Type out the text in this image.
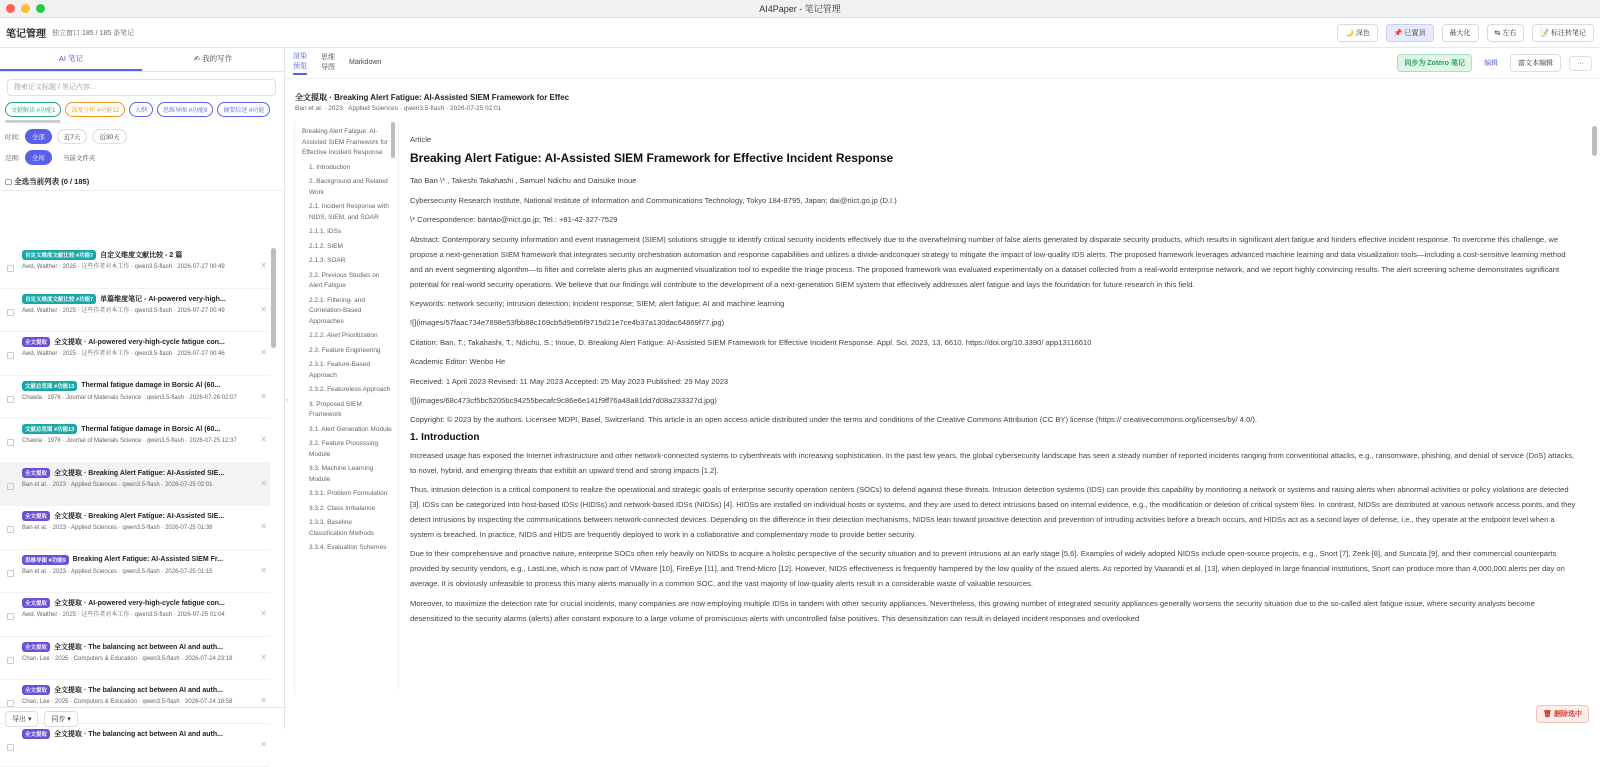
AI4Paper - 笔记管理
笔记管理 独立窗口 185 / 185 条笔记	🌙 深色	📌 已置顶	最大化	⇆ 左右	📝 标注转笔记
AI 笔记	✍ 我的写作
搜索论文标题 / 笔记内容...
文献解读 #功能1	深度分析 #功能12	大纲	思维导图 #功能9	摘要综述 #功能
时间:	全部	近7天	近30天
范围:	全库	当前文件夹
▢ 全选当前列表 (0 / 185)
自定义维度文献比较 #功能7	自定义维度文献比较 - 2 篇
Awd, Walther · 2025 · 这些作者对本工作 · qwen3.5-flash · 2026-07-27 00:49	✕
自定义维度文献比较 #功能7	单篇维度笔记 - AI-powered very-high...
Awd, Walther · 2025 · 这些作者对本工作 · qwen3.5-flash · 2026-07-27 00:49	✕
全文提取	全文提取 · AI-powered very-high-cycle fatigue con...
Awd, Walther · 2025 · 这些作者对本工作 · qwen3.5-flash · 2026-07-27 00:46	✕
文献总览图 #功能13	Thermal fatigue damage in Borsic Al (60...
Chawla · 1976 · Journal of Materials Science · qwen3.5-flash · 2026-07-26 02:07	✕
文献总览图 #功能13	Thermal fatigue damage in Borsic Al (60...
Chawla · 1976 · Journal of Materials Science · qwen3.5-flash · 2026-07-25 12:37	✕
全文提取	全文提取 · Breaking Alert Fatigue: AI-Assisted SIE...
Ban et al. · 2023 · Applied Sciences · qwen3.5-flash · 2026-07-25 02:01	✕
全文提取	全文提取 · Breaking Alert Fatigue: AI-Assisted SIE...
Ban et al. · 2023 · Applied Sciences · qwen3.5-flash · 2026-07-25 01:38	✕
思维导图 #功能9	Breaking Alert Fatigue: AI-Assisted SIEM Fr...
Ban et al. · 2023 · Applied Sciences · qwen3.5-flash · 2026-07-25 01:15	✕
全文提取	全文提取 · AI-powered very-high-cycle fatigue con...
Awd, Walther · 2025 · 这些作者对本工作 · qwen3.5-flash · 2026-07-25 01:04	✕
全文提取	全文提取 · The balancing act between AI and auth...
Chan, Lee · 2025 · Computers & Education · qwen3.5-flash · 2026-07-24 23:18	✕
全文提取	全文提取 · The balancing act between AI and auth...
Chan, Lee · 2025 · Computers & Education · qwen3.5-flash · 2026-07-24 18:58	✕
全文提取	全文提取 · The balancing act between AI and auth...
✕
导出 ▾	同步 ▾
渲染
预览
思维
导图
Markdown	同步为 Zotero 笔记	编辑	富文本编辑	···
全文提取 · Breaking Alert Fatigue: AI-Assisted SIEM Framework for Effec
Ban et al. · 2023 · Applied Sciences · qwen3.5-flash · 2026-07-25 02:01
‹
Breaking Alert Fatigue: AI-Assisted SIEM Framework for Effective Incident Response
1. Introduction
2. Background and Related Work
2.1. Incident Response with NIDS, SIEM, and SOAR
2.1.1. IDSs
2.1.2. SIEM
2.1.3. SOAR
2.2. Previous Studies on Alert Fatigue
2.2.1. Filtering- and Correlation-Based Approaches
2.2.2. Alert Prioritization
2.3. Feature Engineering
2.3.1. Feature-Based Approach
2.3.2. Featureless Approach
3. Proposed SIEM Framework
3.1. Alert Generation Module
3.2. Feature Processing Module
3.3. Machine Learning Module
3.3.1. Problem Formulation
3.3.2. Class Imbalance
3.3.3. Baseline Classification Methods
3.3.4. Evaluation Schemes

Article

Breaking Alert Fatigue: AI-Assisted SIEM Framework for Effective Incident Response

Tao Ban \* , Takeshi Takahashi , Samuel Ndichu and Daisuke Inoue

Cybersecurity Research Institute, National Institute of Information and Communications Technology, Tokyo 184-8795, Japan; dai@nict.go.jp (D.I.)

\* Correspondence: bantao@nict.go.jp; Tel.: +81-42-327-7529

Abstract: Contemporary security information and event management (SIEM) solutions struggle to identify critical security incidents effectively due to the overwhelming number of false alerts generated by disparate security products, which results in significant alert fatigue and hinders effective incident response. To overcome this challenge, we propose a next-generation SIEM framework that integrates security orchestration automation and response capabilities and utilizes a divide-andconquer strategy to mitigate the impact of low-quality IDS alerts. The proposed framework leverages advanced machine learning and data visualization tools—including a cost-sensitive learning method and an event segmenting algorithm—to filter and correlate alerts plus an augmented visualization tool to expedite the triage process. The proposed framework was evaluated experimentally on a dataset collected from a real-world enterprise network, and we report highly convincing results. The alert screening scheme demonstrates significant potential for real-world security operations. We believe that our findings will contribute to the development of a next-generation SIEM system that effectively addresses alert fatigue and lays the foundation for future research in this field.

Keywords: network security; intrusion detection; incident response; SIEM; alert fatigue; AI and machine learning

![](images/57faac734e7898e53fbb88c169cb5d9eb6f9715d21e7ce4b37a130dac64869f77.jpg)

Citation: Ban, T.; Takahashi, T.; Ndichu, S.; Inoue, D. Breaking Alert Fatigue: AI-Assisted SIEM Framework for Effective Incident Response. Appl. Sci. 2023, 13, 6610. https://doi.org/10.3390/ app13116610

Academic Editor: Wenbo He

Received: 1 April 2023 Revised: 11 May 2023 Accepted: 25 May 2023 Published: 29 May 2023

![](images/68c473cf5bc5205bc94255becafc9c86e6e141f9ff76a48a81dd7d08a233327d.jpg)

Copyright: © 2023 by the authors. Licensee MDPI, Basel, Switzerland. This article is an open access article distributed under the terms and conditions of the Creative Commons Attribution (CC BY) license (https:// creativecommons.org/licenses/by/ 4.0/).

1. Introduction

Increased usage has exposed the Internet infrastructure and other network-connected systems to cyberthreats with increasing sophistication. In the past few years, the global cybersecurity landscape has seen a steady number of reported incidents ranging from conventional attacks, e.g., ransomware, phishing, and denial of service (DoS) attacks, to novel, hybrid, and emerging threats that exhibit an upward trend and strong impacts [1,2].

Thus, intrusion detection is a critical component to realize the operational and strategic goals of enterprise security operation centers (SOCs) to defend against these threats. Intrusion detection systems (IDS) can provide this capability by monitoring a network or systems and raising alerts when abnormal activities or policy violations are detected [3]. IDSs can be categorized into host-based IDSs (HIDSs) and network-based IDSs (NIDSs) [4]. HIDSs are installed on individual hosts or systems, and they are used to detect intrusions based on internal evidence, e.g., the modification or deletion of critical system files. In contrast, NIDSs are distributed at various network access points, and they detect intrusions by inspecting the communications between network-connected devices. Depending on the difference in their detection mechanisms, NIDSs lean toward proactive detection and prevention of intruding activities before a breach occurs, and HIDSs act as a second layer of defense, i.e., they operate at the endpoint level when a system is breached. In practice, NIDS and HIDS are frequently deployed to work in a collaborative and complementary mode to provide better security.

Due to their comprehensive and proactive nature, enterprise SOCs often rely heavily on NIDSs to acquire a holistic perspective of the security situation and to prevent intrusions at an early stage [5,6]. Examples of widely adopted NIDSs include open-source projects, e.g., Snort [7], Zeek [8], and Suricata [9], and their commercial counterparts provided by security vendors, e.g., LastLine, which is now part of VMware [10], FireEye [11], and Trend-Micro [12]. However, NIDS effectiveness is frequently hampered by the low quality of the issued alerts. As reported by Vaarandi et al. [13], when deployed in large financial institutions, Snort can produce more than 4,000,000 alerts per day on average. It is obviously unfeasible to process this many alerts manually in a common SOC, and the vast majority of low-quality alerts result in a considerable waste of valuable resources.

Moreover, to maximize the detection rate for crucial incidents, many companies are now employing multiple IDSs in tandem with other security appliances. Nevertheless, this growing number of integrated security appliances generally worsens the security situation due to the so-called alert fatigue issue, where security analysts become desensitized to the security alarms (alerts) after constant exposure to a large volume of promiscuous alerts with uncontrolled false positives. This desensitization can result in delayed incident responses and overlooked

🗑 删除选中
